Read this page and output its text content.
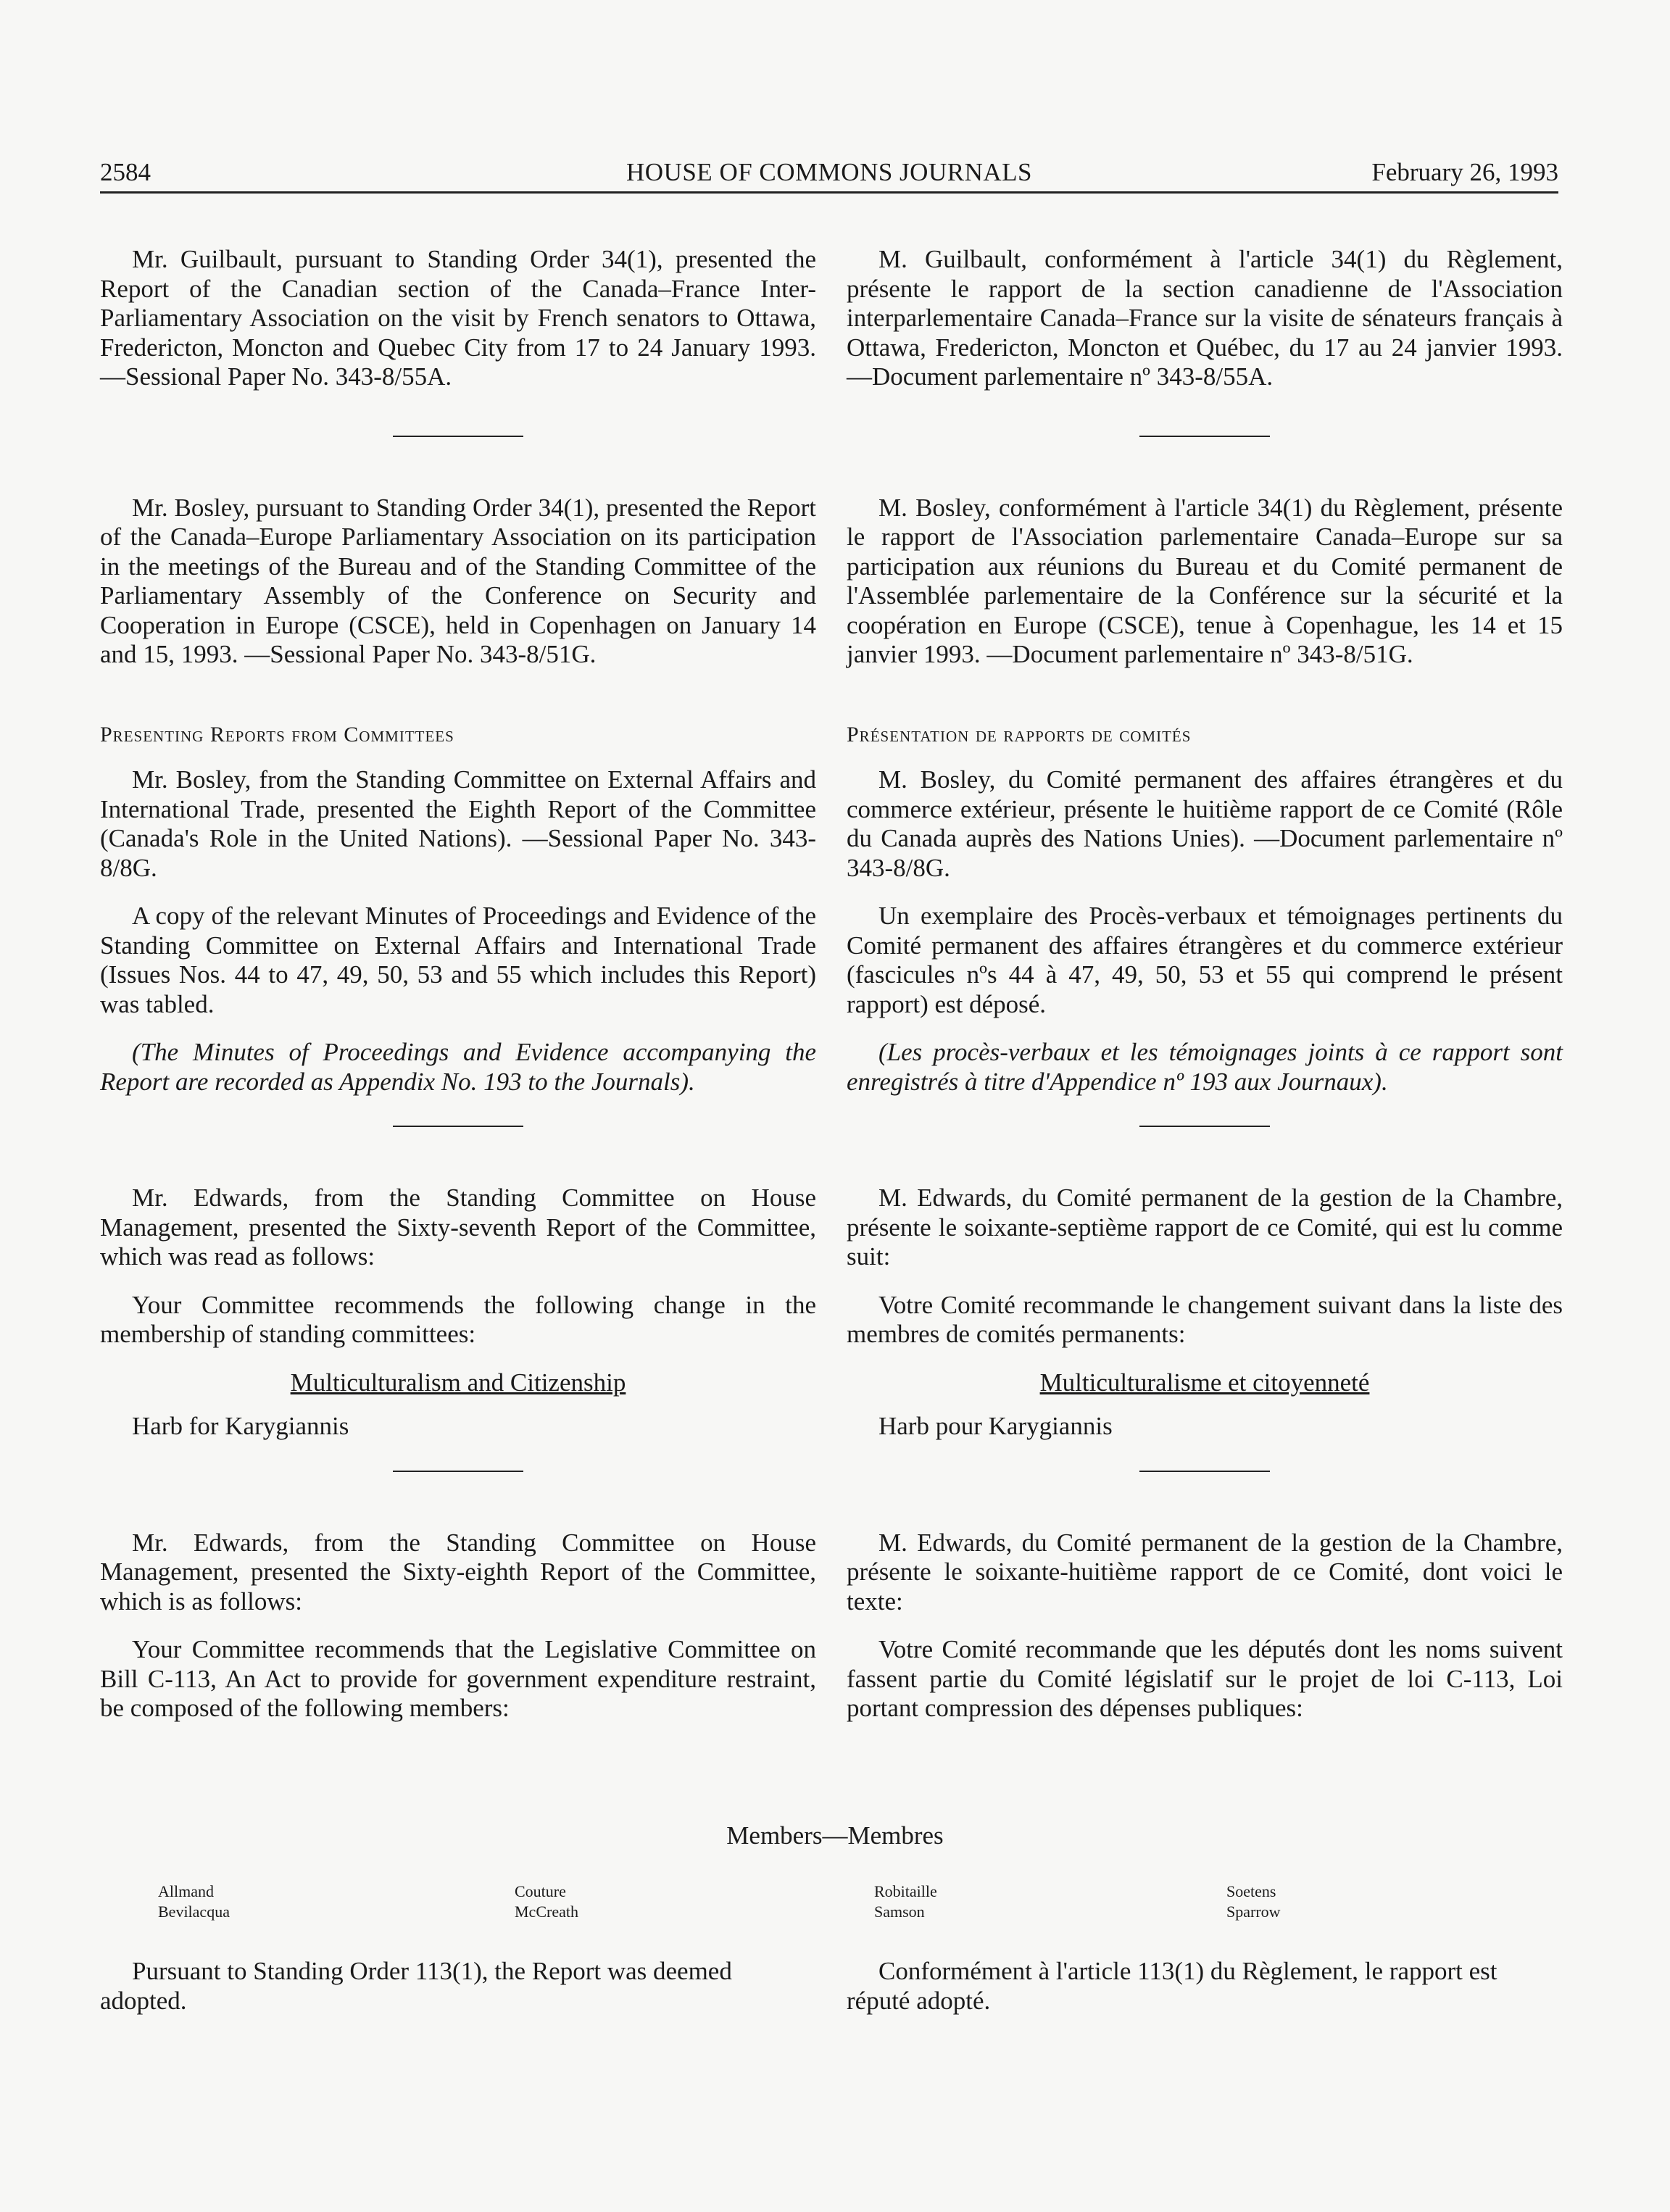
2584	HOUSE OF COMMONS JOURNALS	February 26, 1993

Mr. Guilbault, pursuant to Standing Order 34(1), presented the Report of the Canadian section of the Canada–France Inter-Parliamentary Association on the visit by French senators to Ottawa, Fredericton, Moncton and Quebec City from 17 to 24 January 1993. —Sessional Paper No. 343-8/55A.

Mr. Bosley, pursuant to Standing Order 34(1), presented the Report of the Canada–Europe Parliamentary Association on its participation in the meetings of the Bureau and of the Standing Committee of the Parliamentary Assembly of the Conference on Security and Cooperation in Europe (CSCE), held in Copenhagen on January 14 and 15, 1993. —Sessional Paper No. 343-8/51G.

Presenting Reports from Committees

Mr. Bosley, from the Standing Committee on External Affairs and International Trade, presented the Eighth Report of the Committee (Canada's Role in the United Nations). —Sessional Paper No. 343-8/8G.

A copy of the relevant Minutes of Proceedings and Evidence of the Standing Committee on External Affairs and International Trade (Issues Nos. 44 to 47, 49, 50, 53 and 55 which includes this Report) was tabled.

(The Minutes of Proceedings and Evidence accompanying the Report are recorded as Appendix No. 193 to the Journals).

Mr. Edwards, from the Standing Committee on House Management, presented the Sixty-seventh Report of the Committee, which was read as follows:

Your Committee recommends the following change in the membership of standing committees:

Multiculturalism and Citizenship
Harb for Karygiannis

Mr. Edwards, from the Standing Committee on House Management, presented the Sixty-eighth Report of the Committee, which is as follows:

Your Committee recommends that the Legislative Committee on Bill C-113, An Act to provide for government expenditure restraint, be composed of the following members:

M. Guilbault, conformément à l'article 34(1) du Règlement, présente le rapport de la section canadienne de l'Association interparlementaire Canada–France sur la visite de sénateurs français à Ottawa, Fredericton, Moncton et Québec, du 17 au 24 janvier 1993. —Document parlementaire nº 343-8/55A.

M. Bosley, conformément à l'article 34(1) du Règlement, présente le rapport de l'Association parlementaire Canada–Europe sur sa participation aux réunions du Bureau et du Comité permanent de l'Assemblée parlementaire de la Conférence sur la sécurité et la coopération en Europe (CSCE), tenue à Copenhague, les 14 et 15 janvier 1993. —Document parlementaire nº 343-8/51G.

Présentation de rapports de comités

M. Bosley, du Comité permanent des affaires étrangères et du commerce extérieur, présente le huitième rapport de ce Comité (Rôle du Canada auprès des Nations Unies). —Document parlementaire nº 343-8/8G.

Un exemplaire des Procès-verbaux et témoignages pertinents du Comité permanent des affaires étrangères et du commerce extérieur (fascicules nºs 44 à 47, 49, 50, 53 et 55 qui comprend le présent rapport) est déposé.

(Les procès-verbaux et les témoignages joints à ce rapport sont enregistrés à titre d'Appendice nº 193 aux Journaux).

M. Edwards, du Comité permanent de la gestion de la Chambre, présente le soixante-septième rapport de ce Comité, qui est lu comme suit:

Votre Comité recommande le changement suivant dans la liste des membres de comités permanents:

Multiculturalisme et citoyenneté
Harb pour Karygiannis

M. Edwards, du Comité permanent de la gestion de la Chambre, présente le soixante-huitième rapport de ce Comité, dont voici le texte:

Votre Comité recommande que les députés dont les noms suivent fassent partie du Comité législatif sur le projet de loi C-113, Loi portant compression des dépenses publiques:

Members—Membres
Allmand
Bevilacqua
Couture
McCreath
Robitaille
Samson
Soetens
Sparrow

Pursuant to Standing Order 113(1), the Report was deemed adopted.

Conformément à l'article 113(1) du Règlement, le rapport est réputé adopté.
